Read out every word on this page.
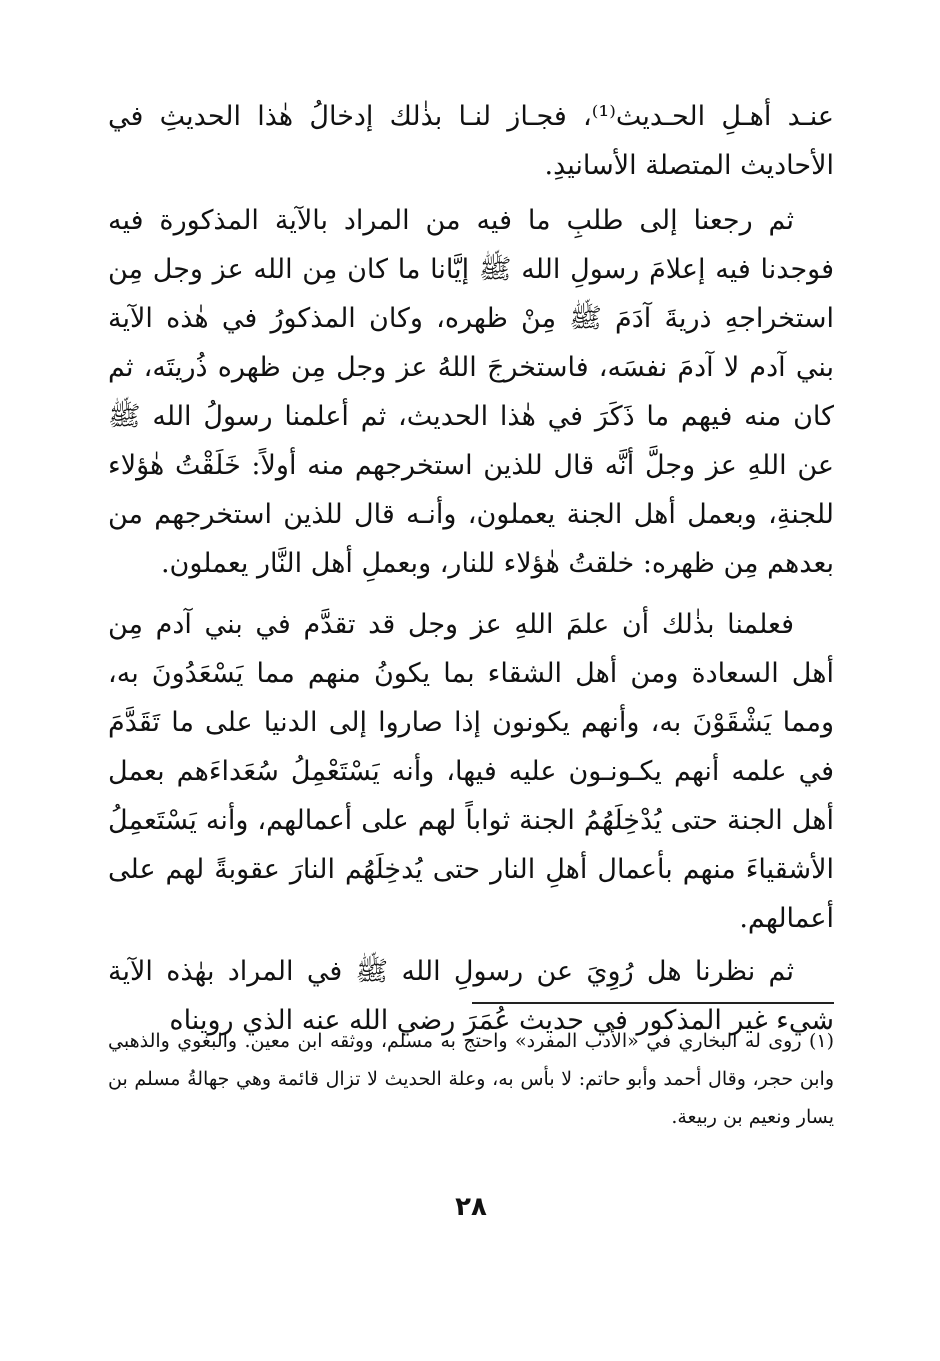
عنـد أهـلِ الحـديث⁽¹⁾، فجـاز لنـا بذٰلك إدخالُ هٰذا الحديثِ في الأحاديث المتصلة الأسانيدِ.

ثم رجعنا إلى طلبِ ما فيه من المراد بالآية المذكورة فيه فوجدنا فيه إعلامَ رسولِ الله ﷺ إيَّانا ما كان مِن الله عز وجل مِن استخراجهِ ذريةَ آدَمَ ﷺ مِنْ ظهره، وكان المذكورُ في هٰذه الآية بني آدم لا آدمَ نفسَه، فاستخرجَ اللهُ عز وجل مِن ظهره ذُريتَه، ثم كان منه فيهم ما ذَكَرَ في هٰذا الحديث، ثم أعلمنا رسولُ الله ﷺ عن اللهِ عز وجلَّ أنَّه قال للذين استخرجهم منه أولاً: خَلَقْتُ هٰؤلاء للجنةِ، وبعمل أهل الجنة يعملون، وأنـه قال للذين استخرجهم من بعدهم مِن ظهره: خلقتُ هٰؤلاء للنار، وبعملِ أهل النَّار يعملون.

فعلمنا بذٰلك أن علمَ اللهِ عز وجل قد تقدَّم في بني آدم مِن أهل السعادة ومن أهل الشقاء بما يكونُ منهم مما يَسْعَدُونَ به، ومما يَشْقَوْنَ به، وأنهم يكونون إذا صاروا إلى الدنيا على ما تَقَدَّمَ في علمه أنهم يكـونـون عليه فيها، وأنه يَسْتَعْمِلُ سُعَداءَهم بعمل أهل الجنة حتى يُدْخِلَهُمُ الجنة ثواباً لهم على أعمالهم، وأنه يَسْتَعمِلُ الأشقياءَ منهم بأعمال أهلِ النار حتى يُدخِلَهُم النارَ عقوبةً لهم على أعمالهم.

ثم نظرنا هل رُوِيَ عن رسولِ الله ﷺ في المراد بهٰذه الآية شيء غير المذكور في حديث عُمَرَ رضي الله عنه الذي رويناه

(١) روى له البخاري في «الأدب المفرد» واحتج به مسلم، ووثقه ابن معين. والبغوي والذهبي وابن حجر، وقال أحمد وأبو حاتم: لا بأس به، وعلة الحديث لا تزال قائمة وهي جهالةُ مسلم بن يسار ونعيم بن ربيعة.

٢٨
